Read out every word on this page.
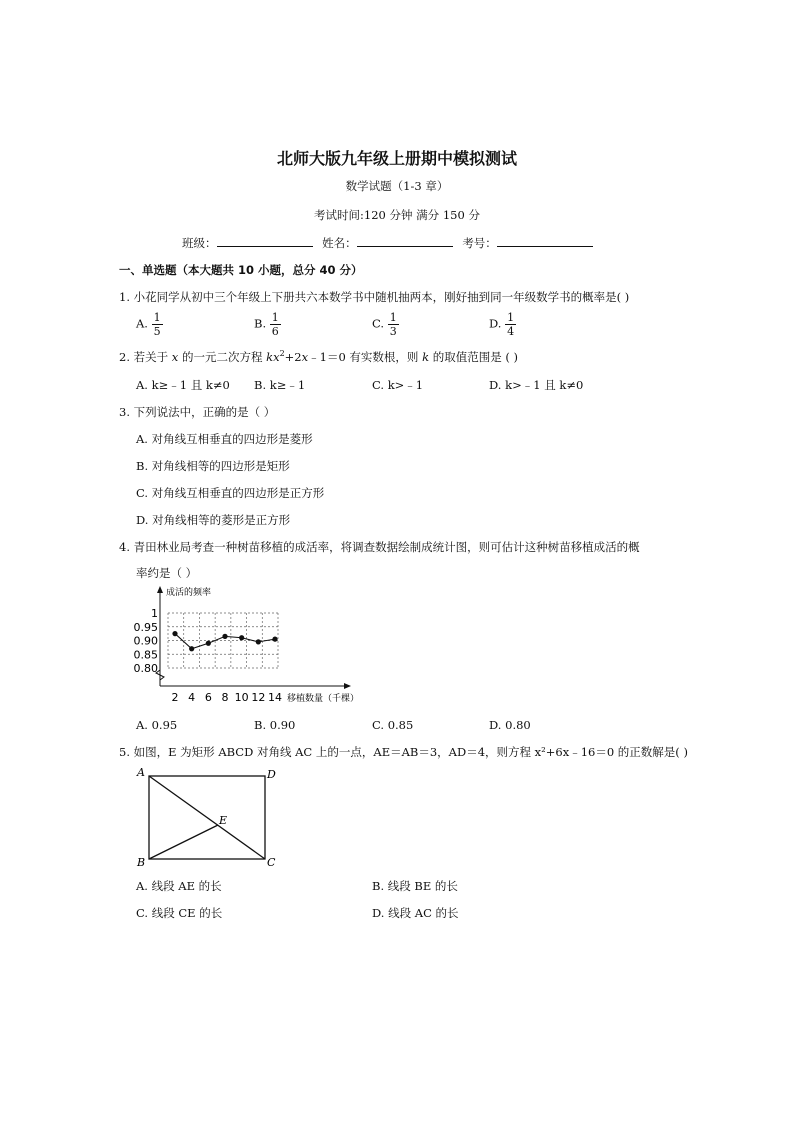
北师大版九年级上册期中模拟测试
数学试题（1-3 章）
考试时间:120 分钟 满分 150 分
班级：	姓名：	考号：
一、单选题（本大题共 10 小题，总分 40 分）
1. 小花同学从初中三个年级上下册共六本数学书中随机抽两本，刚好抽到同一年级数学书的概率是( )
A. $\frac{1}{5}$	B. $\frac{1}{6}$	C. $\frac{1}{3}$	D. $\frac{1}{4}$
2. 若关于 x 的一元二次方程 $kx^2+2x﹣1=0$ 有实数根，则 k 的取值范围是 ( )
A. k≥﹣1 且 k≠0 B. k≥﹣1	C. k>﹣1	D. k>﹣1 且 k≠0
3. 下列说法中，正确的是（ ）
A. 对角线互相垂直的四边形是菱形
B. 对角线相等的四边形是矩形
C. 对角线互相垂直的四边形是正方形
D. 对角线相等的菱形是正方形
4. 青田林业局考查一种树苗移植的成活率，将调查数据绘制成统计图，则可估计这种树苗移植成活的概
率约是（ ）
1
0.95
0.90
0.85
0.80
2 4 6 8 10 12 14
成活的频率
移植数量（千棵）
A. 0.95	B. 0.90	C. 0.85	D. 0.80
5. 如图，E 为矩形 ABCD 对角线 AC 上的一点，AE＝AB＝3，AD＝4，则方程 x²+6x﹣16＝0 的正数解是( )
A	D
B	C
E
A. 线段 AE 的长	B. 线段 BE 的长
C. 线段 CE 的长	D. 线段 AC 的长
